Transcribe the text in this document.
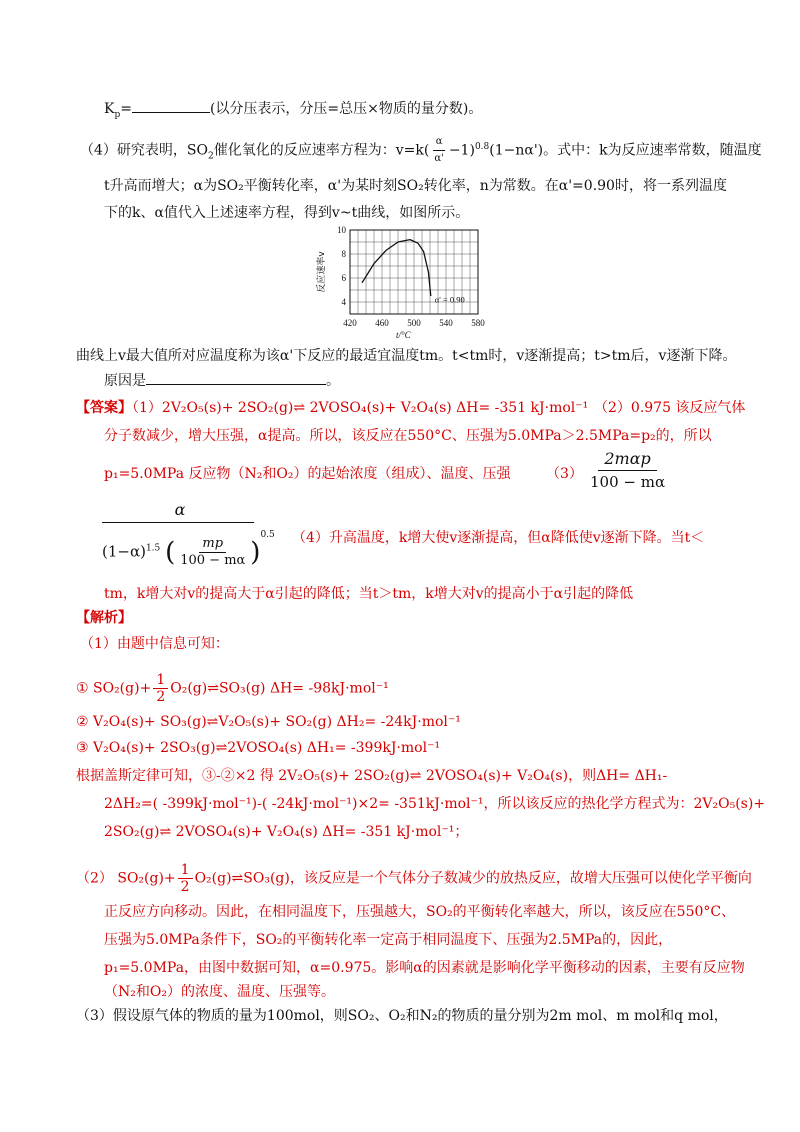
$K_p=$	(以分压表示，分压=总压×物质的量分数)。
（4）研究表明，$SO_2$催化氧化的反应速率方程为：$v=k( \frac{\alpha}{\alpha'} -1)^{0.8}(1-n\alpha')$。式中：k为反应速率常数，随温度
t升高而增大；α为SO₂平衡转化率，α'为某时刻SO₂转化率，n为常数。在α'=0.90时，将一系列温度
下的k、α值代入上述速率方程，得到v~t曲线，如图所示。
420 460 500 540 580
4
6
8
10
t/°C
反应速率v
α' = 0.90
曲线上v最大值所对应温度称为该α'下反应的最适宜温度tm。t<tm时，v逐渐提高；t>tm后，v逐渐下降。
原因是	。
【答案】（1）2V₂O₅(s)+ 2SO₂(g)⇌ 2VOSO₄(s)+ V₂O₄(s) ΔH= -351 kJ·mol⁻¹ （2）0.975 该反应气体
分子数减少，增大压强，α提高。所以，该反应在550°C、压强为5.0MPa＞2.5MPa=p₂的，所以
p₁=5.0MPa 反应物（N₂和O₂）的起始浓度（组成）、温度、压强	（3）
2mαp
100 − mα
α
$(1-\alpha)^{1.5}$ ( $\frac{mp}{100 - m\alpha} )^{0.5}$ （4）升高温度，k增大使v逐渐提高，但α降低使v逐渐下降。当t＜
tm，k增大对v的提高大于α引起的降低；当t＞tm，k增大对v的提高小于α引起的降低
【解析】
（1）由题中信息可知：
① $SO_2(g)+ \frac{1}{2}$ O₂(g)⇌SO₃(g) ΔH= -98kJ·mol⁻¹
② V₂O₄(s)+ SO₃(g)⇌V₂O₅(s)+ SO₂(g) ΔH₂= -24kJ·mol⁻¹
③ V₂O₄(s)+ 2SO₃(g)⇌2VOSO₄(s) ΔH₁= -399kJ·mol⁻¹
根据盖斯定律可知，③-②×2 得 2V₂O₅(s)+ 2SO₂(g)⇌ 2VOSO₄(s)+ V₂O₄(s)，则ΔH= ΔH₁-
2ΔH₂=( -399kJ·mol⁻¹)-( -24kJ·mol⁻¹)×2= -351kJ·mol⁻¹，所以该反应的热化学方程式为：2V₂O₅(s)+
2SO₂(g)⇌ 2VOSO₄(s)+ V₂O₄(s) ΔH= -351 kJ·mol⁻¹；
（2） $SO_2(g)+ \frac{1}{2}$ O₂(g)⇌SO₃(g)，该反应是一个气体分子数减少的放热反应，故增大压强可以使化学平衡向
正反应方向移动。因此，在相同温度下，压强越大，SO₂的平衡转化率越大，所以，该反应在550°C、
压强为5.0MPa条件下，SO₂的平衡转化率一定高于相同温度下、压强为2.5MPa的，因此，
p₁=5.0MPa，由图中数据可知，α=0.975。影响α的因素就是影响化学平衡移动的因素，主要有反应物
（N₂和O₂）的浓度、温度、压强等。
（3）假设原气体的物质的量为100mol，则SO₂、O₂和N₂的物质的量分别为2m mol、m mol和q mol，
